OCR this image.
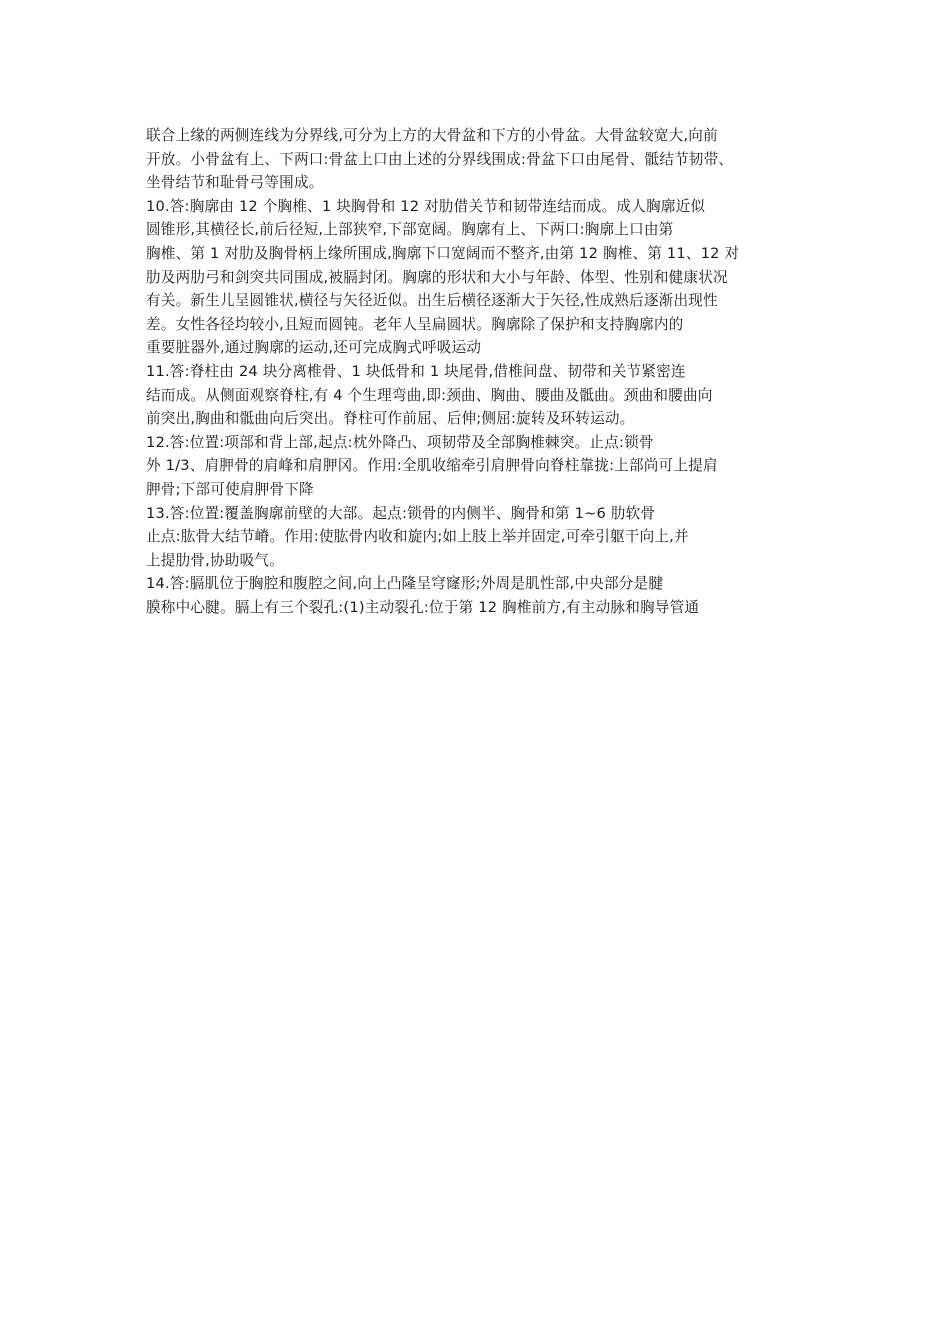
联合上缘的两侧连线为分界线,可分为上方的大骨盆和下方的小骨盆。大骨盆较宽大,向前
开放。小骨盆有上、下两口:骨盆上口由上述的分界线围成:骨盆下口由尾骨、骶结节韧带、
坐骨结节和耻骨弓等围成。
10.答:胸廓由 12 个胸椎、1 块胸骨和 12 对肋借关节和韧带连结而成。成人胸廓近似
圆锥形,其横径长,前后径短,上部狭窄,下部宽阔。胸廓有上、下两口:胸廓上口由第
胸椎、第 1 对肋及胸骨柄上缘所围成,胸廓下口宽阔而不整齐,由第 12 胸椎、第 11、12 对
肋及两肋弓和剑突共同围成,被膈封闭。胸廓的形状和大小与年龄、体型、性别和健康状况
有关。新生儿呈圆锥状,横径与矢径近似。出生后横径逐渐大于矢径,性成熟后逐渐出现性
差。女性各径均较小,且短而圆钝。老年人呈扁圆状。胸廓除了保护和支持胸廓内的
重要脏器外,通过胸廓的运动,还可完成胸式呼吸运动
11.答:脊柱由 24 块分离椎骨、1 块低骨和 1 块尾骨,借椎间盘、韧带和关节紧密连
结而成。从侧面观察脊柱,有 4 个生理弯曲,即:颈曲、胸曲、腰曲及骶曲。颈曲和腰曲向
前突出,胸曲和骶曲向后突出。脊柱可作前屈、后伸;侧屈:旋转及环转运动。
12.答:位置:项部和背上部,起点:枕外降凸、项韧带及全部胸椎棘突。止点:锁骨
外 1/3、肩胛骨的肩峰和肩胛冈。作用:全肌收缩牵引肩胛骨向脊柱靠拢:上部尚可上提肩
胛骨;下部可使肩胛骨下降
13.答:位置:覆盖胸廓前壁的大部。起点:锁骨的内侧半、胸骨和第 1~6 肋软骨
止点:肱骨大结节嵴。作用:使肱骨内收和旋内;如上肢上举并固定,可牵引躯干向上,并
上提肋骨,协助吸气。
14.答:膈肌位于胸腔和腹腔之间,向上凸隆呈穹窿形;外周是肌性部,中央部分是腱
膜称中心腱。膈上有三个裂孔:(1)主动裂孔:位于第 12 胸椎前方,有主动脉和胸导管通
